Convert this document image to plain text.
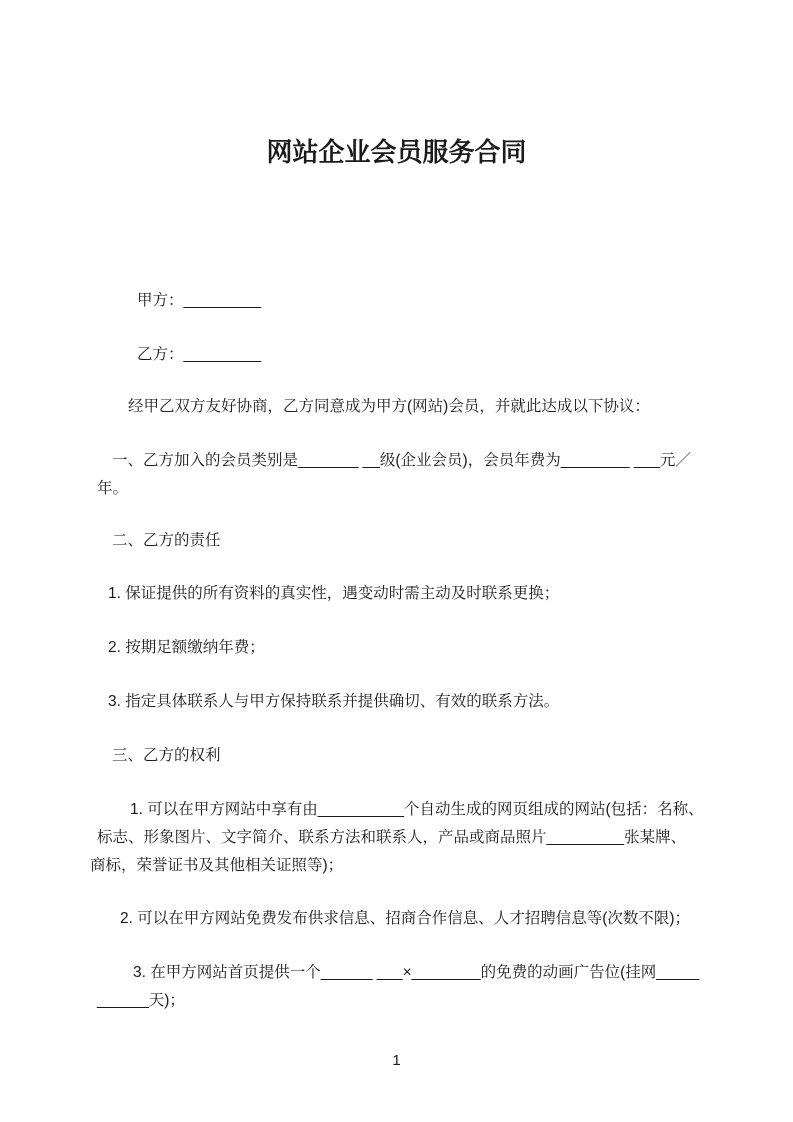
网站企业会员服务合同
甲方：_________
乙方：_________
经甲乙双方友好协商，乙方同意成为甲方(网站)会员，并就此达成以下协议：
一、乙方加入的会员类别是_______ __级(企业会员)，会员年费为________ ___元／
年。
二、乙方的责任
1. 保证提供的所有资料的真实性，遇变动时需主动及时联系更换；
2. 按期足额缴纳年费；
3. 指定具体联系人与甲方保持联系并提供确切、有效的联系方法。
三、乙方的权利
1. 可以在甲方网站中享有由__________个自动生成的网页组成的网站(包括：名称、
标志、形象图片、文字简介、联系方法和联系人，产品或商品照片_________张某牌、
商标，荣誉证书及其他相关证照等)；
2. 可以在甲方网站免费发布供求信息、招商合作信息、人才招聘信息等(次数不限)；
3. 在甲方网站首页提供一个______ ___×________的免费的动画广告位(挂网_____
______天)；
1
